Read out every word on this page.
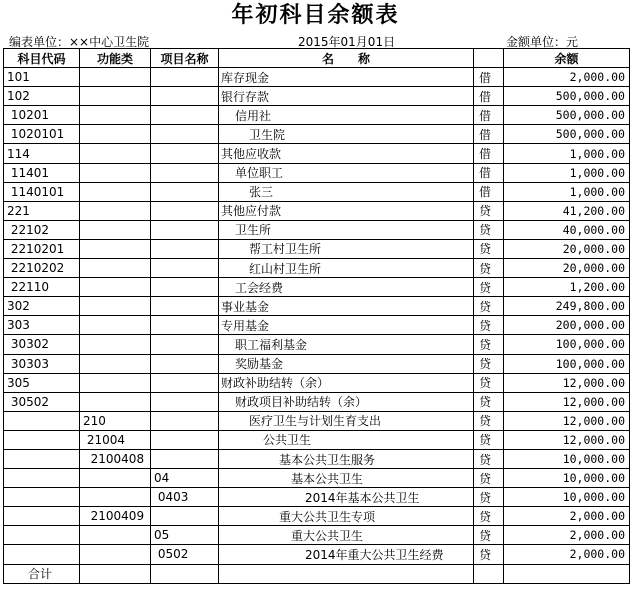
年初科目余额表
编表单位：××中心卫生院	2015年01月01日	金额单位：元
科目代码	功能类	项目名称	名　　称		余额
101			库存现金	借	2,000.00
102			银行存款	借	500,000.00
10201			信用社	借	500,000.00
1020101			卫生院	借	500,000.00
114			其他应收款	借	1,000.00
11401			单位职工	借	1,000.00
1140101			张三	借	1,000.00
221			其他应付款	贷	41,200.00
22102			卫生所	贷	40,000.00
2210201			帮工村卫生所	贷	20,000.00
2210202			红山村卫生所	贷	20,000.00
22110			工会经费	贷	1,200.00
302			事业基金	贷	249,800.00
303			专用基金	贷	200,000.00
30302			职工福利基金	贷	100,000.00
30303			奖励基金	贷	100,000.00
305			财政补助结转（余）	贷	12,000.00
30502			财政项目补助结转（余）	贷	12,000.00
	210		医疗卫生与计划生育支出	贷	12,000.00
	21004		公共卫生	贷	12,000.00
	2100408		基本公共卫生服务	贷	10,000.00
		04	基本公共卫生	贷	10,000.00
		0403	2014年基本公共卫生	贷	10,000.00
	2100409		重大公共卫生专项	贷	2,000.00
		05	重大公共卫生	贷	2,000.00
		0502	2014年重大公共卫生经费	贷	2,000.00
合计					
